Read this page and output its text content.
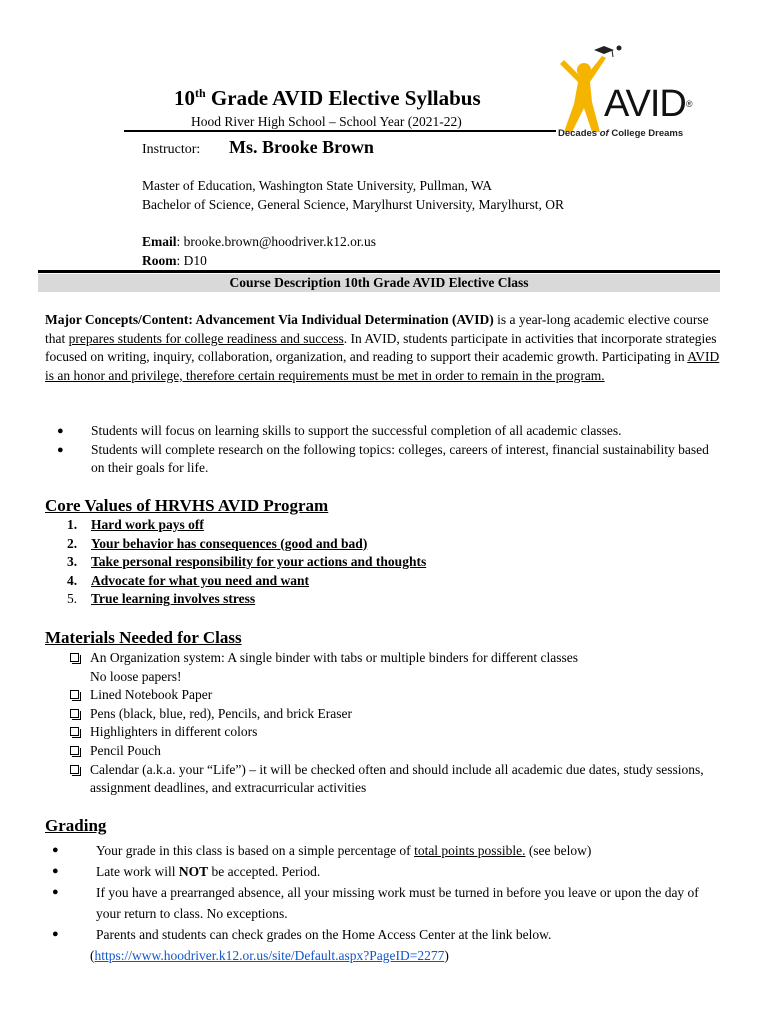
10th Grade AVID Elective Syllabus
Hood River High School – School Year (2021-22)	AVID®
Decades of College Dreams
Instructor: Ms. Brooke Brown
Master of Education, Washington State University, Pullman, WA
Bachelor of Science, General Science, Marylhurst University, Marylhurst, OR
Email: brooke.brown@hoodriver.k12.or.us
Room: D10
Course Description 10th Grade AVID Elective Class
Major Concepts/Content: Advancement Via Individual Determination (AVID) is a year-long academic elective course that prepares students for college readiness and success. In AVID, students participate in activities that incorporate strategies focused on writing, inquiry, collaboration, organization, and reading to support their academic growth. Participating in AVID is an honor and privilege, therefore certain requirements must be met in order to remain in the program.
● Students will focus on learning skills to support the successful completion of all academic classes.
● Students will complete research on the following topics: colleges, careers of interest, financial sustainability based on their goals for life.
Core Values of HRVHS AVID Program
1. Hard work pays off
2. Your behavior has consequences (good and bad)
3. Take personal responsibility for your actions and thoughts
4. Advocate for what you need and want
5. True learning involves stress
Materials Needed for Class
An Organization system: A single binder with tabs or multiple binders for different classes
No loose papers!
Lined Notebook Paper
Pens (black, blue, red), Pencils, and brick Eraser
Highlighters in different colors
Pencil Pouch
Calendar (a.k.a. your “Life”) – it will be checked often and should include all academic due dates, study sessions, assignment deadlines, and extracurricular activities
Grading
●	Your grade in this class is based on a simple percentage of total points possible. (see below)
●	Late work will NOT be accepted. Period.
●	If you have a prearranged absence, all your missing work must be turned in before you leave or upon the day of your return to class. No exceptions.
●	Parents and students can check grades on the Home Access Center at the link below.
(https://www.hoodriver.k12.or.us/site/Default.aspx?PageID=2277)
